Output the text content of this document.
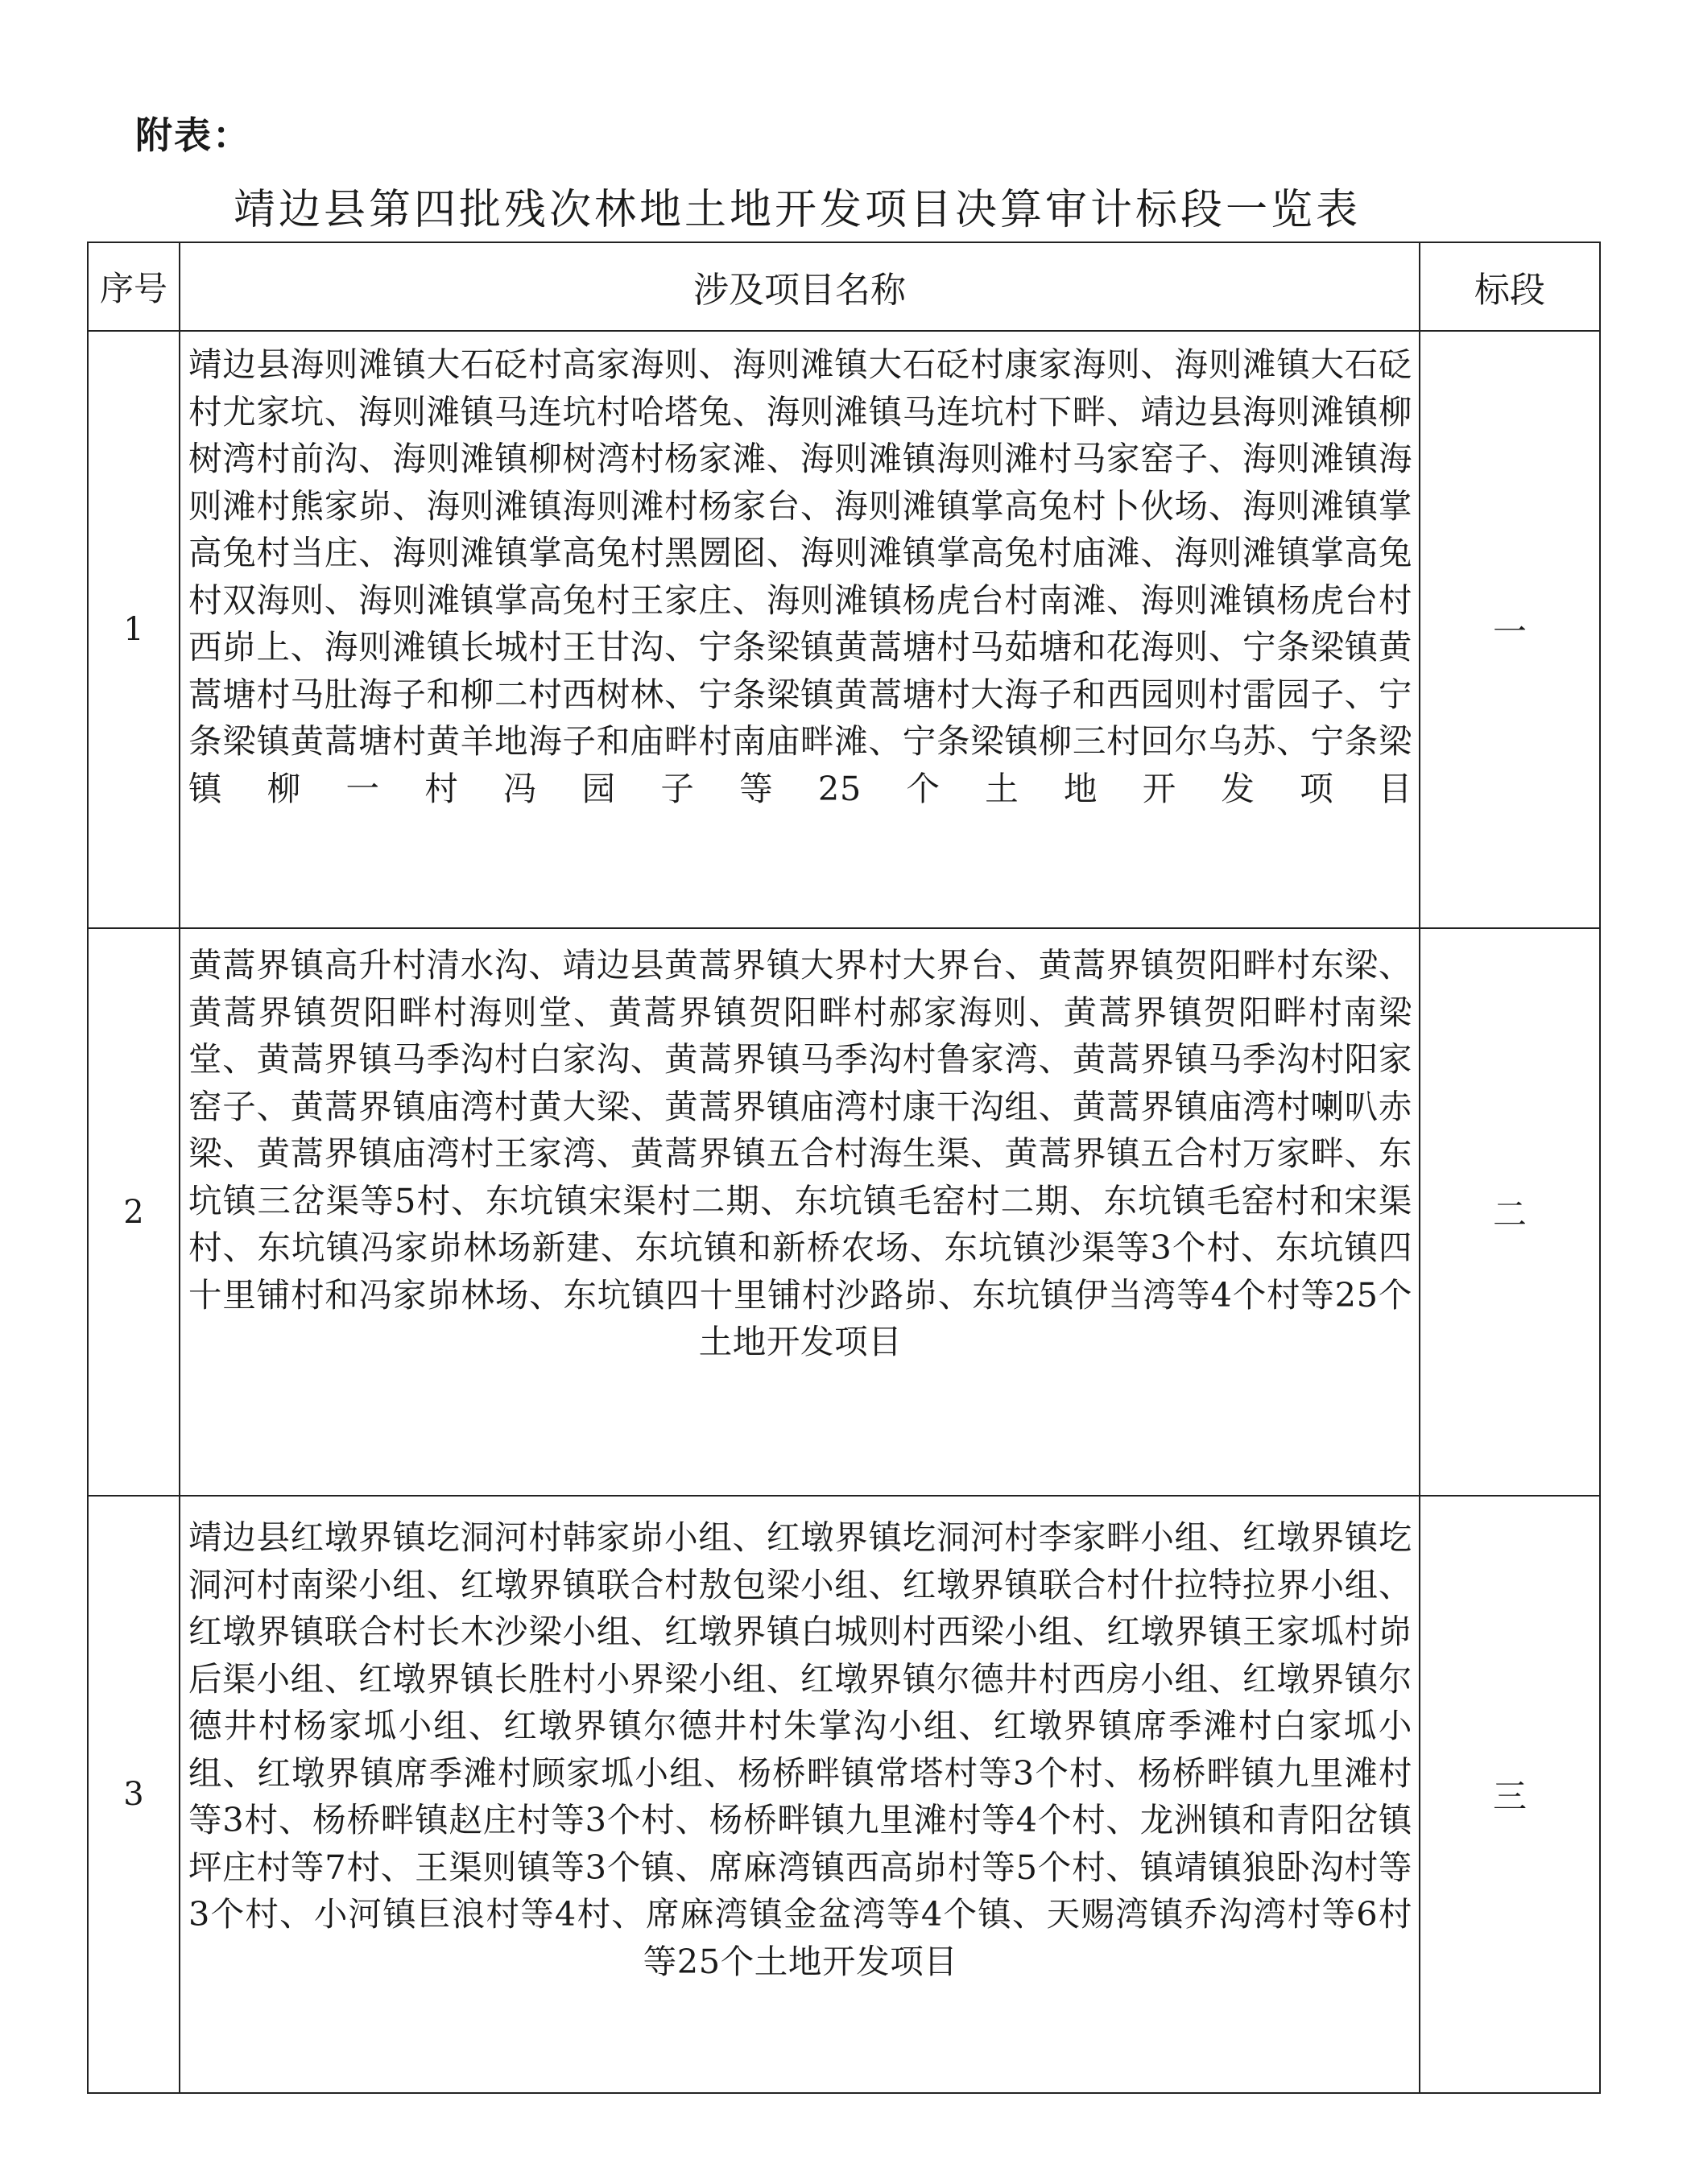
附表：
靖边县第四批残次林地土地开发项目决算审计标段一览表
序号	涉及项目名称	标段
1	靖边县海则滩镇大石砭村高家海则、海则滩镇大石砭村康家海则、海则滩镇大石砭村尤家坑、海则滩镇马连坑村哈塔兔、海则滩镇马连坑村下畔、靖边县海则滩镇柳树湾村前沟、海则滩镇柳树湾村杨家滩、海则滩镇海则滩村马家窑子、海则滩镇海则滩村熊家峁、海则滩镇海则滩村杨家台、海则滩镇掌高兔村卜伙场、海则滩镇掌高兔村当庄、海则滩镇掌高兔村黑圐囵、海则滩镇掌高兔村庙滩、海则滩镇掌高兔村双海则、海则滩镇掌高兔村王家庄、海则滩镇杨虎台村南滩、海则滩镇杨虎台村西峁上、海则滩镇长城村王甘沟、宁条梁镇黄蒿塘村马茹塘和花海则、宁条梁镇黄蒿塘村马肚海子和柳二村西树林、宁条梁镇黄蒿塘村大海子和西园则村雷园子、宁条梁镇黄蒿塘村黄羊地海子和庙畔村南庙畔滩、宁条梁镇柳三村回尔乌苏、宁条梁镇柳一村冯园子等25个土地开发项目	一
2	黄蒿界镇高升村清水沟、靖边县黄蒿界镇大界村大界台、黄蒿界镇贺阳畔村东梁、黄蒿界镇贺阳畔村海则堂、黄蒿界镇贺阳畔村郝家海则、黄蒿界镇贺阳畔村南梁堂、黄蒿界镇马季沟村白家沟、黄蒿界镇马季沟村鲁家湾、黄蒿界镇马季沟村阳家窑子、黄蒿界镇庙湾村黄大梁、黄蒿界镇庙湾村康干沟组、黄蒿界镇庙湾村喇叭赤梁、黄蒿界镇庙湾村王家湾、黄蒿界镇五合村海生渠、黄蒿界镇五合村万家畔、东坑镇三岔渠等5村、东坑镇宋渠村二期、东坑镇毛窑村二期、东坑镇毛窑村和宋渠村、东坑镇冯家峁林场新建、东坑镇和新桥农场、东坑镇沙渠等3个村、东坑镇四十里铺村和冯家峁林场、东坑镇四十里铺村沙路峁、东坑镇伊当湾等4个村等25个土地开发项目	二
3	靖边县红墩界镇圪洞河村韩家峁小组、红墩界镇圪洞河村李家畔小组、红墩界镇圪洞河村南梁小组、红墩界镇联合村敖包梁小组、红墩界镇联合村什拉特拉界小组、红墩界镇联合村长木沙梁小组、红墩界镇白城则村西梁小组、红墩界镇王家坬村峁后渠小组、红墩界镇长胜村小界梁小组、红墩界镇尔德井村西房小组、红墩界镇尔德井村杨家坬小组、红墩界镇尔德井村朱掌沟小组、红墩界镇席季滩村白家坬小组、红墩界镇席季滩村顾家坬小组、杨桥畔镇常塔村等3个村、杨桥畔镇九里滩村等3村、杨桥畔镇赵庄村等3个村、杨桥畔镇九里滩村等4个村、龙洲镇和青阳岔镇坪庄村等7村、王渠则镇等3个镇、席麻湾镇西高峁村等5个村、镇靖镇狼卧沟村等3个村、小河镇巨浪村等4村、席麻湾镇金盆湾等4个镇、天赐湾镇乔沟湾村等6村等25个土地开发项目	三
